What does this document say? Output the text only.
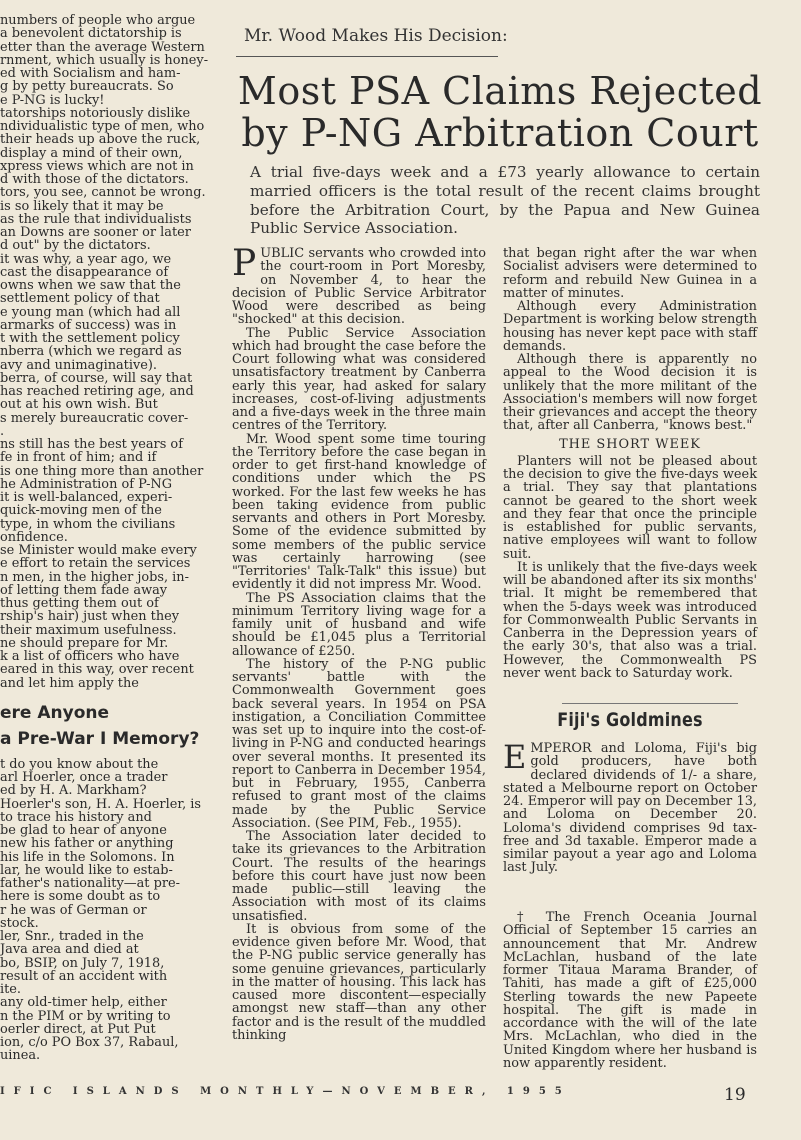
numbers of people who argue
a benevolent dictatorship is
etter than the average Western
rnment, which usually is honey-
ed with Socialism and ham-
g by petty bureaucrats. So
e P-NG is lucky!
tatorships notoriously dislike
ndividualistic type of men, who
their heads up above the ruck,
display a mind of their own,
xpress views which are not in
d with those of the dictators.
tors, you see, cannot be wrong.
is so likely that it may be
as the rule that individualists
an Downs are sooner or later
d out" by the dictators.
it was why, a year ago, we
cast the disappearance of
owns when we saw that the
settlement policy of that
e young man (which had all
armarks of success) was in
t with the settlement policy
nberra (which we regard as
avy and unimaginative).
berra, of course, will say that
has reached retiring age, and
out at his own wish. But
s merely bureaucratic cover-
.
ns still has the best years of
fe in front of him; and if
is one thing more than another
he Administration of P-NG
it is well-balanced, experi-
quick-moving men of the
type, in whom the civilians
onfidence.
se Minister would make every
e effort to retain the services
n men, in the higher jobs, in-
of letting them fade away
thus getting them out of
rship's hair) just when they
their maximum usefulness.
ne should prepare for Mr.
k a list of officers who have
eared in this way, over recent
and let him apply the
ere Anyone
a Pre-War I Memory?
t do you know about the
arl Hoerler, once a trader
ed by H. A. Markham?
Hoerler's son, H. A. Hoerler, is
to trace his history and
be glad to hear of anyone
new his father or anything
his life in the Solomons. In
lar, he would like to estab-
father's nationality—at pre-
here is some doubt as to
r he was of German or
stock.
ler, Snr., traded in the
Java area and died at
bo, BSIP, on July 7, 1918,
result of an accident with
ite.
any old-timer help, either
n the PIM or by writing to
oerler direct, at Put Put
ion, c/o PO Box 37, Rabaul,
uinea.
Mr. Wood Makes His Decision:
Most PSA Claims Rejected
by P-NG Arbitration Court
A trial five-days week and a £73 yearly allowance to certain married officers is the total result of the recent claims brought before the Arbitration Court, by the Papua and New Guinea Public Service Association.

PUBLIC servants who crowded into the court-room in Port Moresby, on November 4, to hear the decision of Public Service Arbitrator Wood were described as being "shocked" at this decision.

The Public Service Association which had brought the case before the Court following what was considered unsatisfactory treatment by Canberra early this year, had asked for salary increases, cost-of-living adjustments and a five-days week in the three main centres of the Territory.

Mr. Wood spent some time touring the Territory before the case began in order to get first-hand knowledge of conditions under which the PS worked. For the last few weeks he has been taking evidence from public servants and others in Port Moresby. Some of the evidence submitted by some members of the public service was certainly harrowing (see "Territories' Talk-Talk" this issue) but evidently it did not impress Mr. Wood.

The PS Association claims that the minimum Territory living wage for a family unit of husband and wife should be £1,045 plus a Territorial allowance of £250.

The history of the P-NG public servants' battle with the Commonwealth Government goes back several years. In 1954 on PSA instigation, a Conciliation Committee was set up to inquire into the cost-of-living in P-NG and conducted hearings over several months. It presented its report to Canberra in December 1954, but in February, 1955, Canberra refused to grant most of the claims made by the Public Service Association. (See PIM, Feb., 1955).

The Association later decided to take its grievances to the Arbitration Court. The results of the hearings before this court have just now been made public—still leaving the Association with most of its claims unsatisfied.

It is obvious from some of the evidence given before Mr. Wood, that the P-NG public service generally has some genuine grievances, particularly in the matter of housing. This lack has caused more discontent—especially amongst new staff—than any other factor and is the result of the muddled thinking

that began right after the war when Socialist advisers were determined to reform and rebuild New Guinea in a matter of minutes.

Although every Administration Department is working below strength housing has never kept pace with staff demands.

Although there is apparently no appeal to the Wood decision it is unlikely that the more militant of the Association's members will now forget their grievances and accept the theory that, after all Canberra, "knows best."

THE SHORT WEEK

Planters will not be pleased about the decision to give the five-days week a trial. They say that plantations cannot be geared to the short week and they fear that once the principle is established for public servants, native employees will want to follow suit.

It is unlikely that the five-days week will be abandoned after its six months' trial. It might be remembered that when the 5-days week was introduced for Commonwealth Public Servants in Canberra in the Depression years of the early 30's, that also was a trial. However, the Commonwealth PS never went back to Saturday work.

Fiji's Goldmines

EMPEROR and Loloma, Fiji's big gold producers, have both declared dividends of 1/- a share, stated a Melbourne report on October 24. Emperor will pay on December 13, and Loloma on December 20. Loloma's dividend comprises 9d tax-free and 3d taxable. Emperor made a similar payout a year ago and Loloma last July.

† The French Oceania Journal Official of September 15 carries an announcement that Mr. Andrew McLachlan, husband of the late former Titaua Marama Brander, of Tahiti, has made a gift of £25,000 Sterling towards the new Papeete hospital. The gift is made in accordance with the will of the late Mrs. McLachlan, who died in the United Kingdom where her husband is now apparently resident.

IFIC ISLANDS MONTHLY—NOVEMBER, 1955	19
